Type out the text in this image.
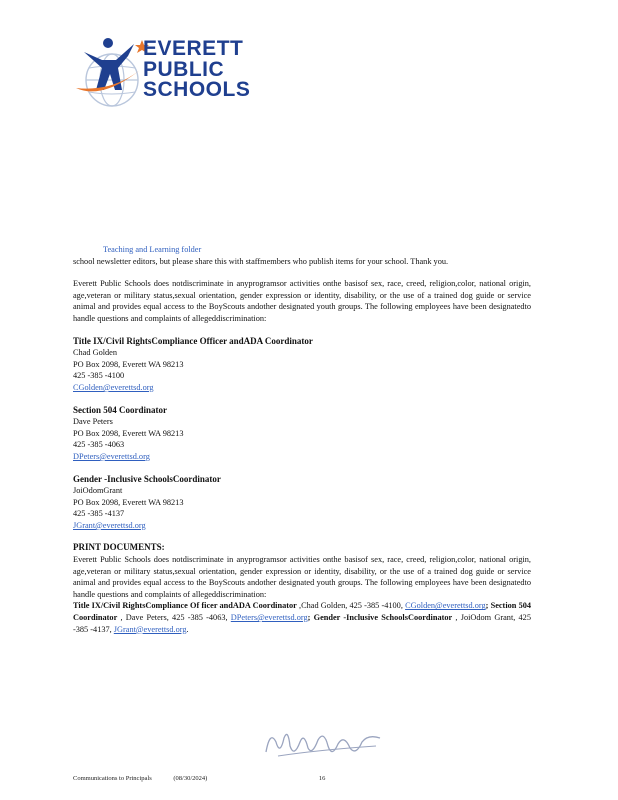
EVERETT
PUBLIC
SCHOOLS

Teaching and Learning folder

school newsletter editors, but please share this with staffmembers who publish items for your school. Thank you.

Everett Public Schools does notdiscriminate in anyprogramsor activities onthe basisof sex, race, creed, religion,color, national origin, age,veteran or military status,sexual orientation, gender expression or identity, disability, or the use of a trained dog guide or service animal and provides equal access to the BoyScouts andother designated youth groups. The following employees have been designatedto handle questions and complaints of allegeddiscrimination:

Title IX/Civil RightsCompliance Officer andADA Coordinator

Chad Golden

PO Box 2098, Everett WA 98213

425 -385 -4100

CGolden@everettsd.org

Section 504 Coordinator

Dave Peters

PO Box 2098, Everett WA 98213

425 -385 -4063

DPeters@everettsd.org

Gender -Inclusive SchoolsCoordinator

JoiOdomGrant

PO Box 2098, Everett WA 98213

425 -385 -4137

JGrant@everettsd.org

PRINT DOCUMENTS:

Everett Public Schools does notdiscriminate in anyprogramsor activities onthe basisof sex, race, creed, religion,color, national origin, age,veteran or military status,sexual orientation, gender expression or identity, disability, or the use of a trained dog guide or service animal and provides equal access to the BoyScouts andother designated youth groups. The following employees have been designatedto handle questions and complaints of allegeddiscrimination:

Title IX/Civil RightsCompliance Of ficer andADA Coordinator ,Chad Golden, 425 -385 -4100, CGolden@everettsd.org; Section 504 Coordinator , Dave Peters, 425 -385 -4063, DPeters@everettsd.org; Gender -Inclusive SchoolsCoordinator , JoiOdom Grant, 425 -385 -4137, JGrant@everettsd.org.

Communications to Principals	(08/30/2024)	16
